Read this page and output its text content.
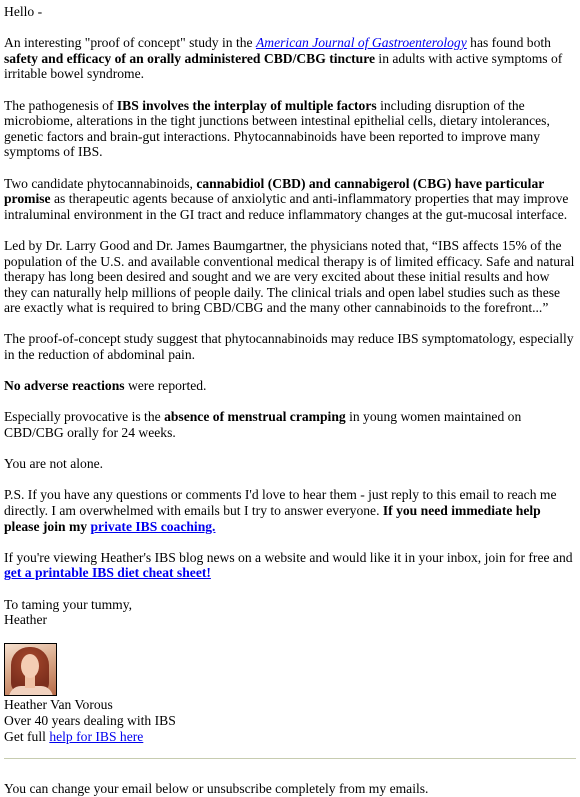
Hello -

An interesting "proof of concept" study in the American Journal of Gastroenterology has found both safety and efficacy of an orally administered CBD/CBG tincture in adults with active symptoms of irritable bowel syndrome.

The pathogenesis of IBS involves the interplay of multiple factors including disruption of the microbiome, alterations in the tight junctions between intestinal epithelial cells, dietary intolerances, genetic factors and brain-gut interactions. Phytocannabinoids have been reported to improve many symptoms of IBS.

Two candidate phytocannabinoids, cannabidiol (CBD) and cannabigerol (CBG) have particular promise as therapeutic agents because of anxiolytic and anti-inflammatory properties that may improve intraluminal environment in the GI tract and reduce inflammatory changes at the gut-mucosal interface.

Led by Dr. Larry Good and Dr. James Baumgartner, the physicians noted that, “IBS affects 15% of the population of the U.S. and available conventional medical therapy is of limited efficacy. Safe and natural therapy has long been desired and sought and we are very excited about these initial results and how they can naturally help millions of people daily. The clinical trials and open label studies such as these are exactly what is required to bring CBD/CBG and the many other cannabinoids to the forefront...”

The proof-of-concept study suggest that phytocannabinoids may reduce IBS symptomatology, especially in the reduction of abdominal pain.

No adverse reactions were reported.

Especially provocative is the absence of menstrual cramping in young women maintained on CBD/CBG orally for 24 weeks.

You are not alone.

P.S. If you have any questions or comments I'd love to hear them - just reply to this email to reach me directly. I am overwhelmed with emails but I try to answer everyone. If you need immediate help please join my private IBS coaching.

If you're viewing Heather's IBS blog news on a website and would like it in your inbox, join for free and get a printable IBS diet cheat sheet!

To taming your tummy,
Heather

Heather Van Vorous
Over 40 years dealing with IBS
Get full help for IBS here
You can change your email below or unsubscribe completely from my emails.
